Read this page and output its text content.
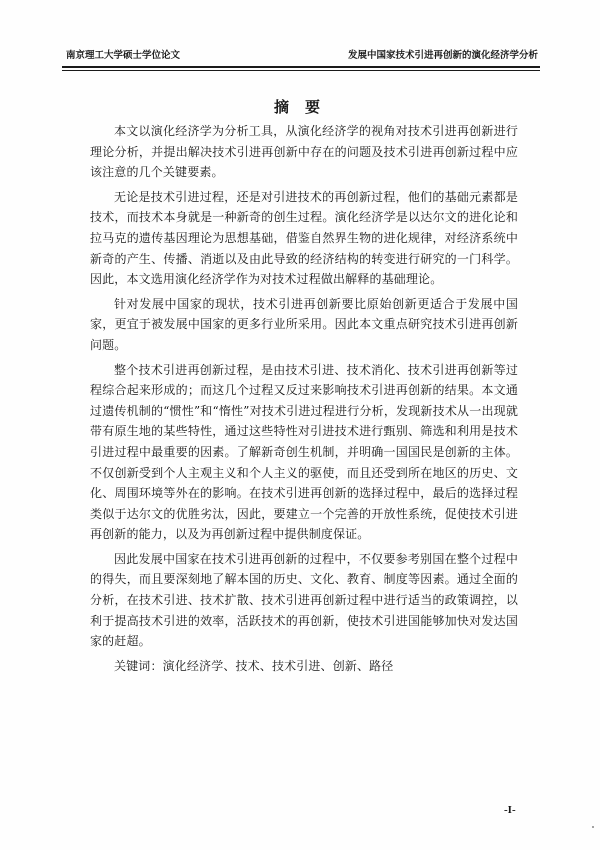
南京理工大学硕士学位论文	发展中国家技术引进再创新的演化经济学分析
摘要

本文以演化经济学为分析工具，从演化经济学的视角对技术引进再创新进行理论分析，并提出解决技术引进再创新中存在的问题及技术引进再创新过程中应该注意的几个关键要素。

无论是技术引进过程，还是对引进技术的再创新过程，他们的基础元素都是技术，而技术本身就是一种新奇的创生过程。演化经济学是以达尔文的进化论和拉马克的遗传基因理论为思想基础，借鉴自然界生物的进化规律，对经济系统中新奇的产生、传播、消逝以及由此导致的经济结构的转变进行研究的一门科学。因此，本文选用演化经济学作为对技术过程做出解释的基础理论。

针对发展中国家的现状，技术引进再创新要比原始创新更适合于发展中国家，更宜于被发展中国家的更多行业所采用。因此本文重点研究技术引进再创新问题。

整个技术引进再创新过程，是由技术引进、技术消化、技术引进再创新等过程综合起来形成的；而这几个过程又反过来影响技术引进再创新的结果。本文通过遗传机制的“惯性”和“惰性”对技术引进过程进行分析，发现新技术从一出现就带有原生地的某些特性，通过这些特性对引进技术进行甄别、筛选和利用是技术引进过程中最重要的因素。了解新奇创生机制，并明确一国国民是创新的主体。不仅创新受到个人主观主义和个人主义的驱使，而且还受到所在地区的历史、文化、周围环境等外在的影响。在技术引进再创新的选择过程中，最后的选择过程类似于达尔文的优胜劣汰，因此，要建立一个完善的开放性系统，促使技术引进再创新的能力，以及为再创新过程中提供制度保证。

因此发展中国家在技术引进再创新的过程中，不仅要参考别国在整个过程中的得失，而且要深刻地了解本国的历史、文化、教育、制度等因素。通过全面的分析，在技术引进、技术扩散、技术引进再创新过程中进行适当的政策调控，以利于提高技术引进的效率，活跃技术的再创新，使技术引进国能够加快对发达国家的赶超。

关键词：演化经济学、技术、技术引进、创新、路径

-I-
